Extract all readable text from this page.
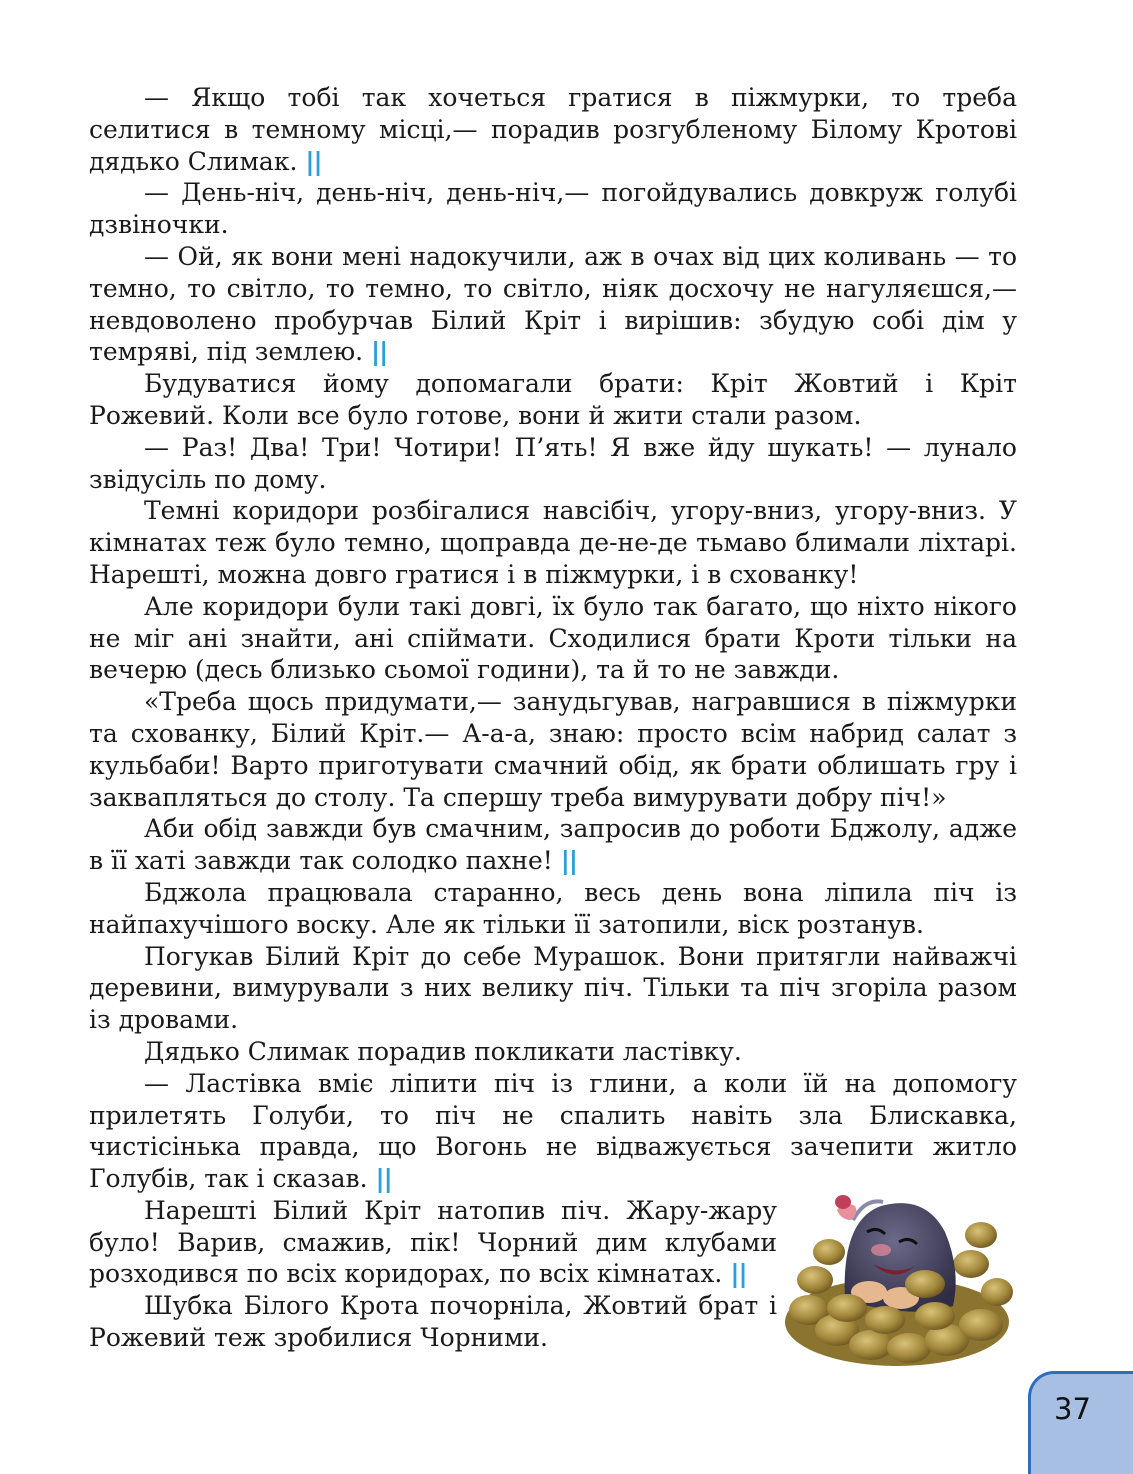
— Якщо тобі так хочеться гратися в піжмурки, то треба селитися в темному місці,— порадив розгубленому Білому Кротові дядько Слимак. ||

— День-ніч, день-ніч, день-ніч,— погойдувались довкруж голубі дзвіночки.

— Ой, як вони мені надокучили, аж в очах від цих коливань — то темно, то світло, то темно, то світло, ніяк досхочу не нагуляєшся,— невдоволено пробурчав Білий Кріт і вирішив: збудую собі дім у темряві, під землею. ||

Будуватися йому допомагали брати: Кріт Жовтий і Кріт Рожевий. Коли все було готове, вони й жити стали разом.

— Раз! Два! Три! Чотири! П’ять! Я вже йду шукать! — лунало звідусіль по дому.

Темні коридори розбігалися навсібіч, угору-вниз, угору-вниз. У кімнатах теж було темно, щоправда де-не-де тьмаво блимали ліхтарі. Нарешті, можна довго гратися і в піжмурки, і в схованку!

Але коридори були такі довгі, їх було так багато, що ніхто нікого не міг ані знайти, ані спіймати. Сходилися брати Кроти тільки на вечерю (десь близько сьомої години), та й то не завжди.

«Треба щось придумати,— занудьгував, награвшися в піжмурки та схованку, Білий Кріт.— А-а-а, знаю: просто всім набрид салат з кульбаби! Варто приготувати смачний обід, як брати облишать гру і закваплятьcя до столу. Та спершу треба вимурувати добру піч!»

Аби обід завжди був смачним, запросив до роботи Бджолу, адже в її хаті завжди так солодко пахне! ||

Бджола працювала старанно, весь день вона ліпила піч із найпахучішого воску. Але як тільки її затопили, віск розтанув.

Погукав Білий Кріт до себе Мурашок. Вони притягли найважчі деревини, вимурували з них велику піч. Тільки та піч згоріла разом із дровами.

Дядько Слимак порадив покликати ластівку.

— Ластівка вміє ліпити піч із глини, а коли їй на допомогу прилетять Голуби, то піч не спалить навіть зла Блискавка, чистісінька правда, що Вогонь не відважується зачепити житло Голубів, так і сказав. ||

Нарешті Білий Кріт натопив піч. Жару-жару було! Варив, смажив, пік! Чорний дим клубами розходився по всіх коридорах, по всіх кімнатах. ||

Шубка Білого Крота почорніла, Жовтий брат і Рожевий теж зробилися Чорними.

37
